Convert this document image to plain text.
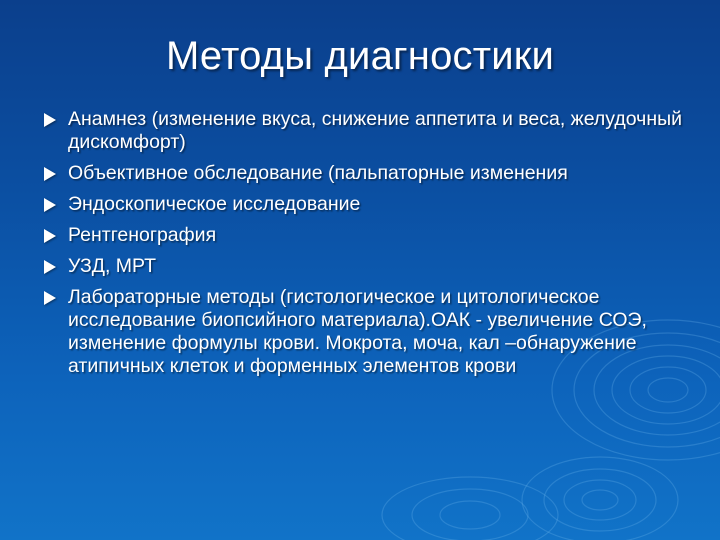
Методы диагностики
Анамнез (изменение вкуса, снижение аппетита и веса, желудочный дискомфорт)
Объективное обследование (пальпаторные изменения
Эндоскопическое исследование
Рентгенография
УЗД, МРТ
Лабораторные методы (гистологическое и цитологическое исследование биопсийного материала).ОАК - увеличение СОЭ, изменение формулы крови. Мокрота, моча, кал –обнаружение атипичных клеток и форменных элементов крови
